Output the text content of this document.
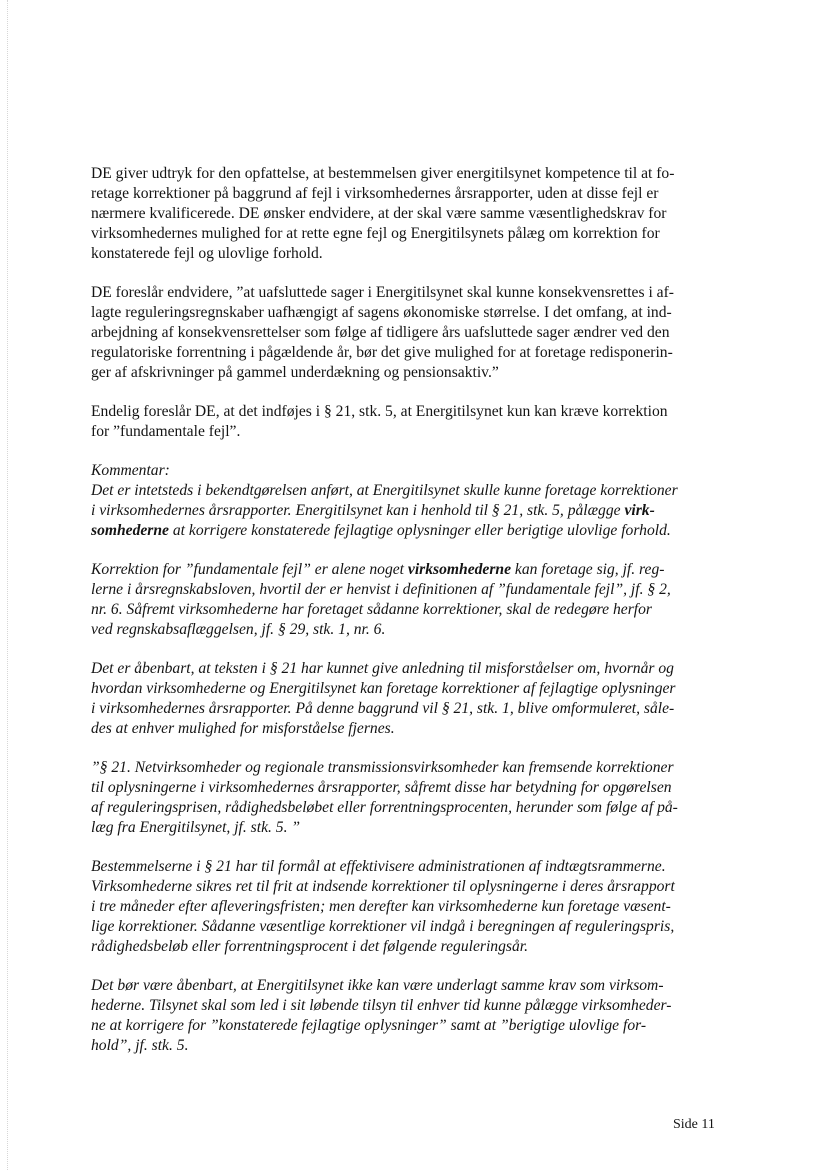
DE giver udtryk for den opfattelse, at bestemmelsen giver energitilsynet kompetence til at fo-
retage korrektioner på baggrund af fejl i virksomhedernes årsrapporter, uden at disse fejl er
nærmere kvalificerede. DE ønsker endvidere, at der skal være samme væsentlighedskrav for
virksomhedernes mulighed for at rette egne fejl og Energitilsynets pålæg om korrektion for
konstaterede fejl og ulovlige forhold.

DE foreslår endvidere, ”at uafsluttede sager i Energitilsynet skal kunne konsekvensrettes i af-
lagte reguleringsregnskaber uafhængigt af sagens økonomiske størrelse. I det omfang, at ind-
arbejdning af konsekvensrettelser som følge af tidligere års uafsluttede sager ændrer ved den
regulatoriske forrentning i pågældende år, bør det give mulighed for at foretage redisponerin-
ger af afskrivninger på gammel underdækning og pensionsaktiv.”

Endelig foreslår DE, at det indføjes i § 21, stk. 5, at Energitilsynet kun kan kræve korrektion
for ”fundamentale fejl”.

Kommentar:

Det er intetsteds i bekendtgørelsen anført, at Energitilsynet skulle kunne foretage korrektioner
i virksomhedernes årsrapporter. Energitilsynet kan i henhold til § 21, stk. 5, pålægge virk-
somhederne at korrigere konstaterede fejlagtige oplysninger eller berigtige ulovlige forhold.

Korrektion for ”fundamentale fejl” er alene noget virksomhederne kan foretage sig, jf. reg-
lerne i årsregnskabsloven, hvortil der er henvist i definitionen af ”fundamentale fejl”, jf. § 2,
nr. 6. Såfremt virksomhederne har foretaget sådanne korrektioner, skal de redegøre herfor
ved regnskabsaflæggelsen, jf. § 29, stk. 1, nr. 6.

Det er åbenbart, at teksten i § 21 har kunnet give anledning til misforståelser om, hvornår og
hvordan virksomhederne og Energitilsynet kan foretage korrektioner af fejlagtige oplysninger
i virksomhedernes årsrapporter. På denne baggrund vil § 21, stk. 1, blive omformuleret, såle-
des at enhver mulighed for misforståelse fjernes.

”§ 21. Netvirksomheder og regionale transmissionsvirksomheder kan fremsende korrektioner
til oplysningerne i virksomhedernes årsrapporter, såfremt disse har betydning for opgørelsen
af reguleringsprisen, rådighedsbeløbet eller forrentningsprocenten, herunder som følge af på-
læg fra Energitilsynet, jf. stk. 5. ”

Bestemmelserne i § 21 har til formål at effektivisere administrationen af indtægtsrammerne.
Virksomhederne sikres ret til frit at indsende korrektioner til oplysningerne i deres årsrapport
i tre måneder efter afleveringsfristen; men derefter kan virksomhederne kun foretage væsent-
lige korrektioner. Sådanne væsentlige korrektioner vil indgå i beregningen af reguleringspris,
rådighedsbeløb eller forrentningsprocent i det følgende reguleringsår.

Det bør være åbenbart, at Energitilsynet ikke kan være underlagt samme krav som virksom-
hederne. Tilsynet skal som led i sit løbende tilsyn til enhver tid kunne pålægge virksomheder-
ne at korrigere for ”konstaterede fejlagtige oplysninger” samt at ”berigtige ulovlige for-
hold”, jf. stk. 5.

Side 11
